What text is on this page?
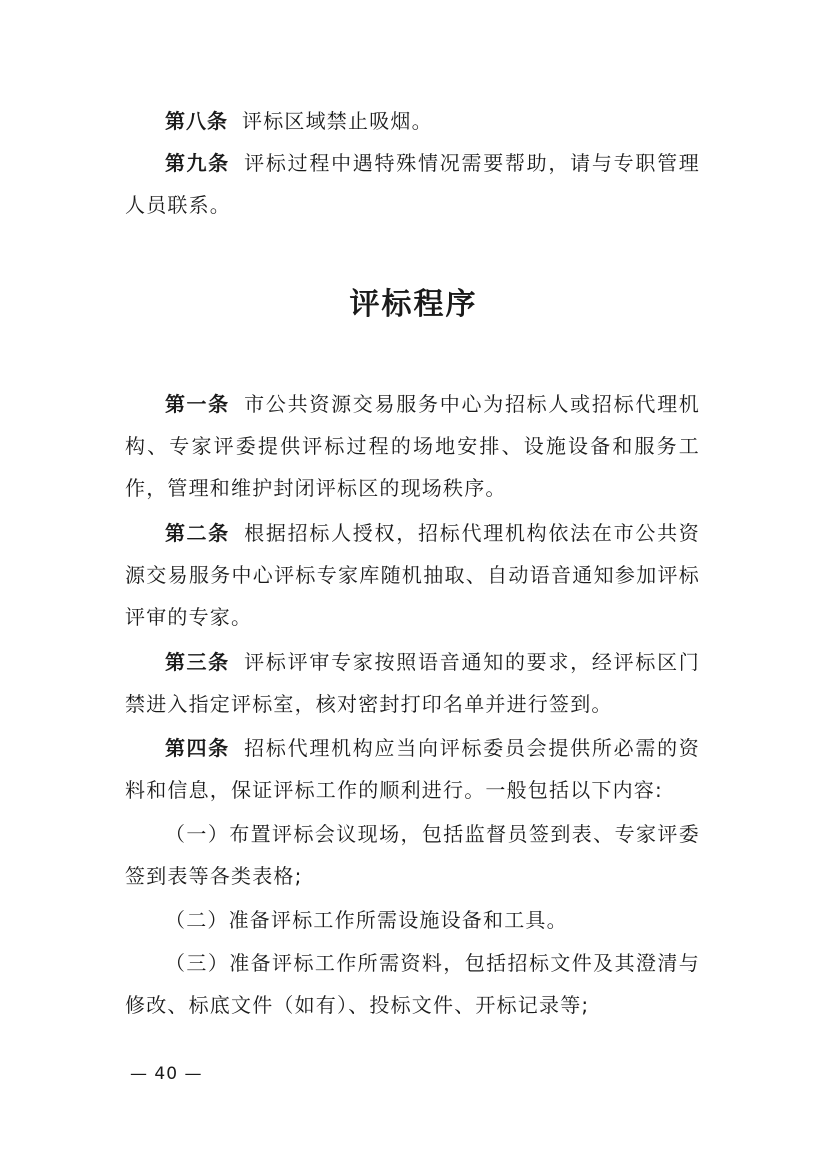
第八条 评标区域禁止吸烟。

第九条 评标过程中遇特殊情况需要帮助，请与专职管理人员联系。

评标程序

第一条 市公共资源交易服务中心为招标人或招标代理机构、专家评委提供评标过程的场地安排、设施设备和服务工作，管理和维护封闭评标区的现场秩序。

第二条 根据招标人授权，招标代理机构依法在市公共资源交易服务中心评标专家库随机抽取、自动语音通知参加评标评审的专家。

第三条 评标评审专家按照语音通知的要求，经评标区门禁进入指定评标室，核对密封打印名单并进行签到。

第四条 招标代理机构应当向评标委员会提供所必需的资料和信息，保证评标工作的顺利进行。一般包括以下内容:

（一）布置评标会议现场，包括监督员签到表、专家评委签到表等各类表格;

（二）准备评标工作所需设施设备和工具。

（三）准备评标工作所需资料，包括招标文件及其澄清与修改、标底文件（如有）、投标文件、开标记录等;

— 40 —
